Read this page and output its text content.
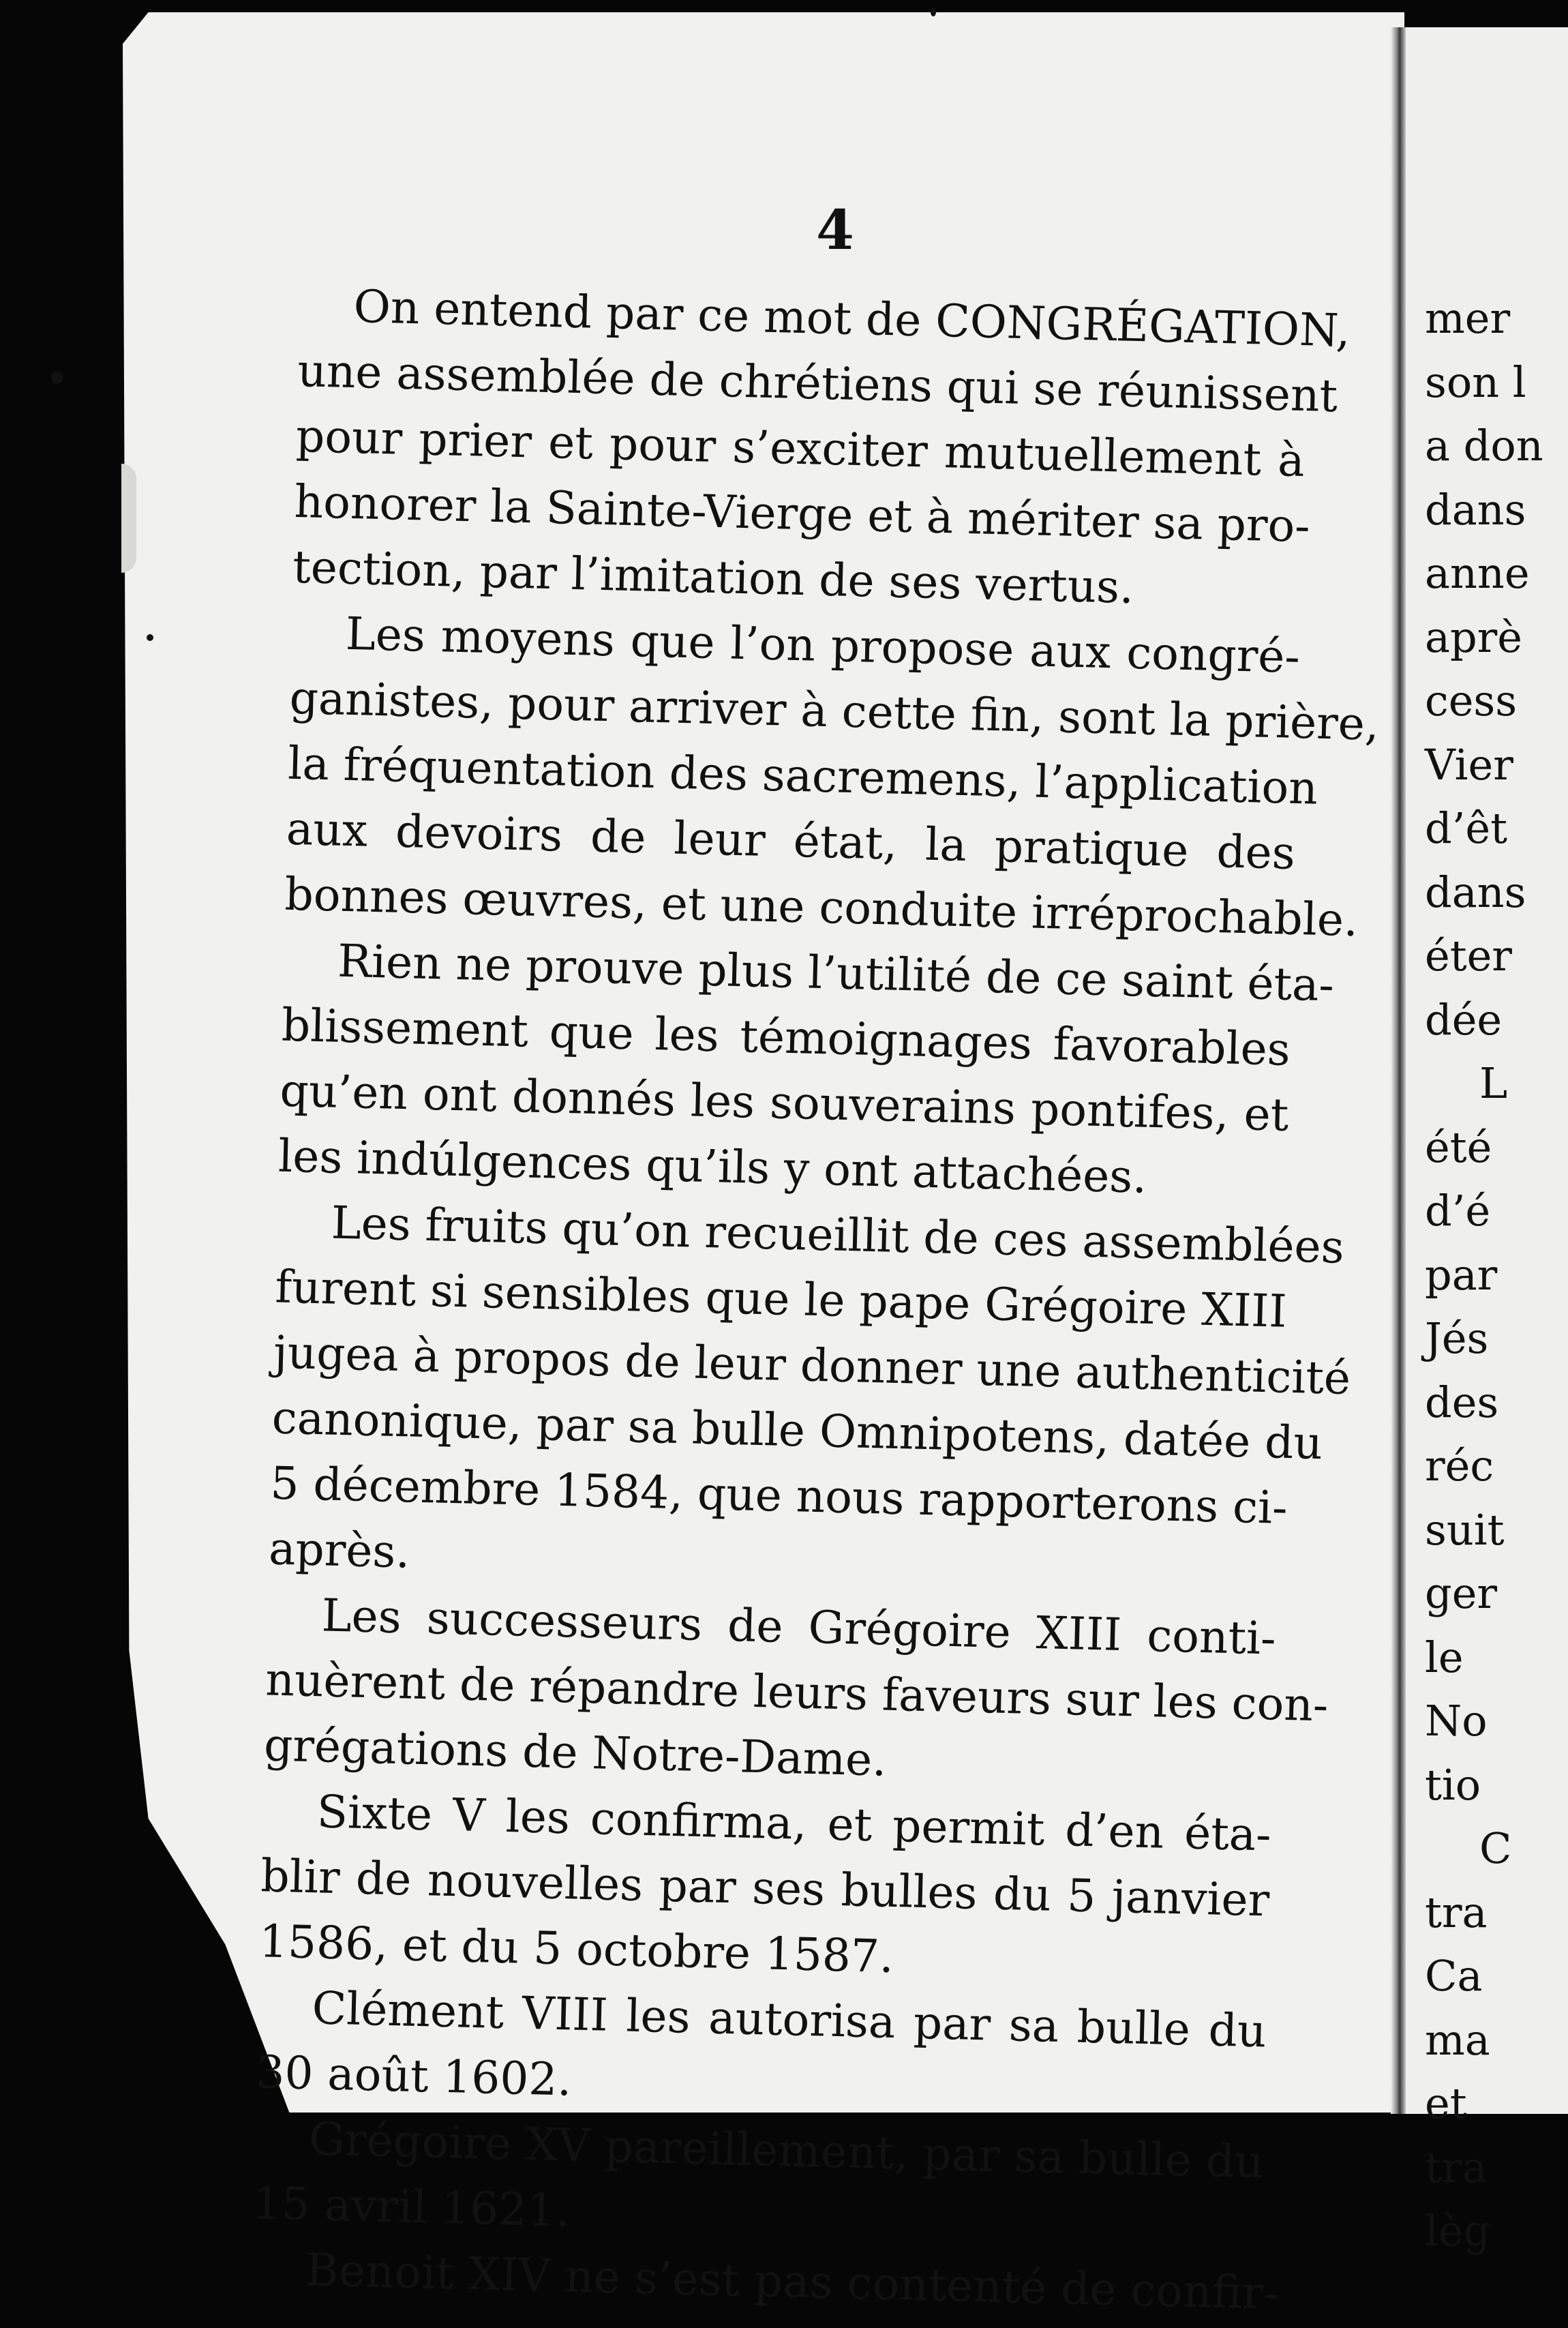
4
On entend par ce mot de CONGRÉGATION,
une assemblée de chrétiens qui se réunissent
pour prier et pour s’exciter mutuellement à
honorer la Sainte-Vierge et à mériter sa pro-
tection, par l’imitation de ses vertus.
Les moyens que l’on propose aux congré-
ganistes, pour arriver à cette fin, sont la prière,
la fréquentation des sacremens, l’application
aux devoirs de leur état, la pratique des
bonnes œuvres, et une conduite irréprochable.
Rien ne prouve plus l’utilité de ce saint éta-
blissement que les témoignages favorables
qu’en ont donnés les souverains pontifes, et
les indúlgences qu’ils y ont attachées.
Les fruits qu’on recueillit de ces assemblées
furent si sensibles que le pape Grégoire XIII
jugea à propos de leur donner une authenticité
canonique, par sa bulle Omnipotens, datée du
5 décembre 1584, que nous rapporterons ci-
après.
Les successeurs de Grégoire XIII conti-
nuèrent de répandre leurs faveurs sur les con-
grégations de Notre-Dame.
Sixte V les confirma, et permit d’en éta-
blir de nouvelles par ses bulles du 5 janvier
1586, et du 5 octobre 1587.
Clément VIII les autorisa par sa bulle du
30 août 1602.
Grégoire XV pareillement, par sa bulle du
15 avril 1621.
Benoit XIV ne s’est pas contenté de confir-
mer
son l
a don
dans
anne
aprè
cess
Vier
d’êt
dans
éter
dée
L
été
d’é
par
Jés
des
réc
suit
ger
le
No
tio
C
tra
Ca
ma
et
tra
lèg
